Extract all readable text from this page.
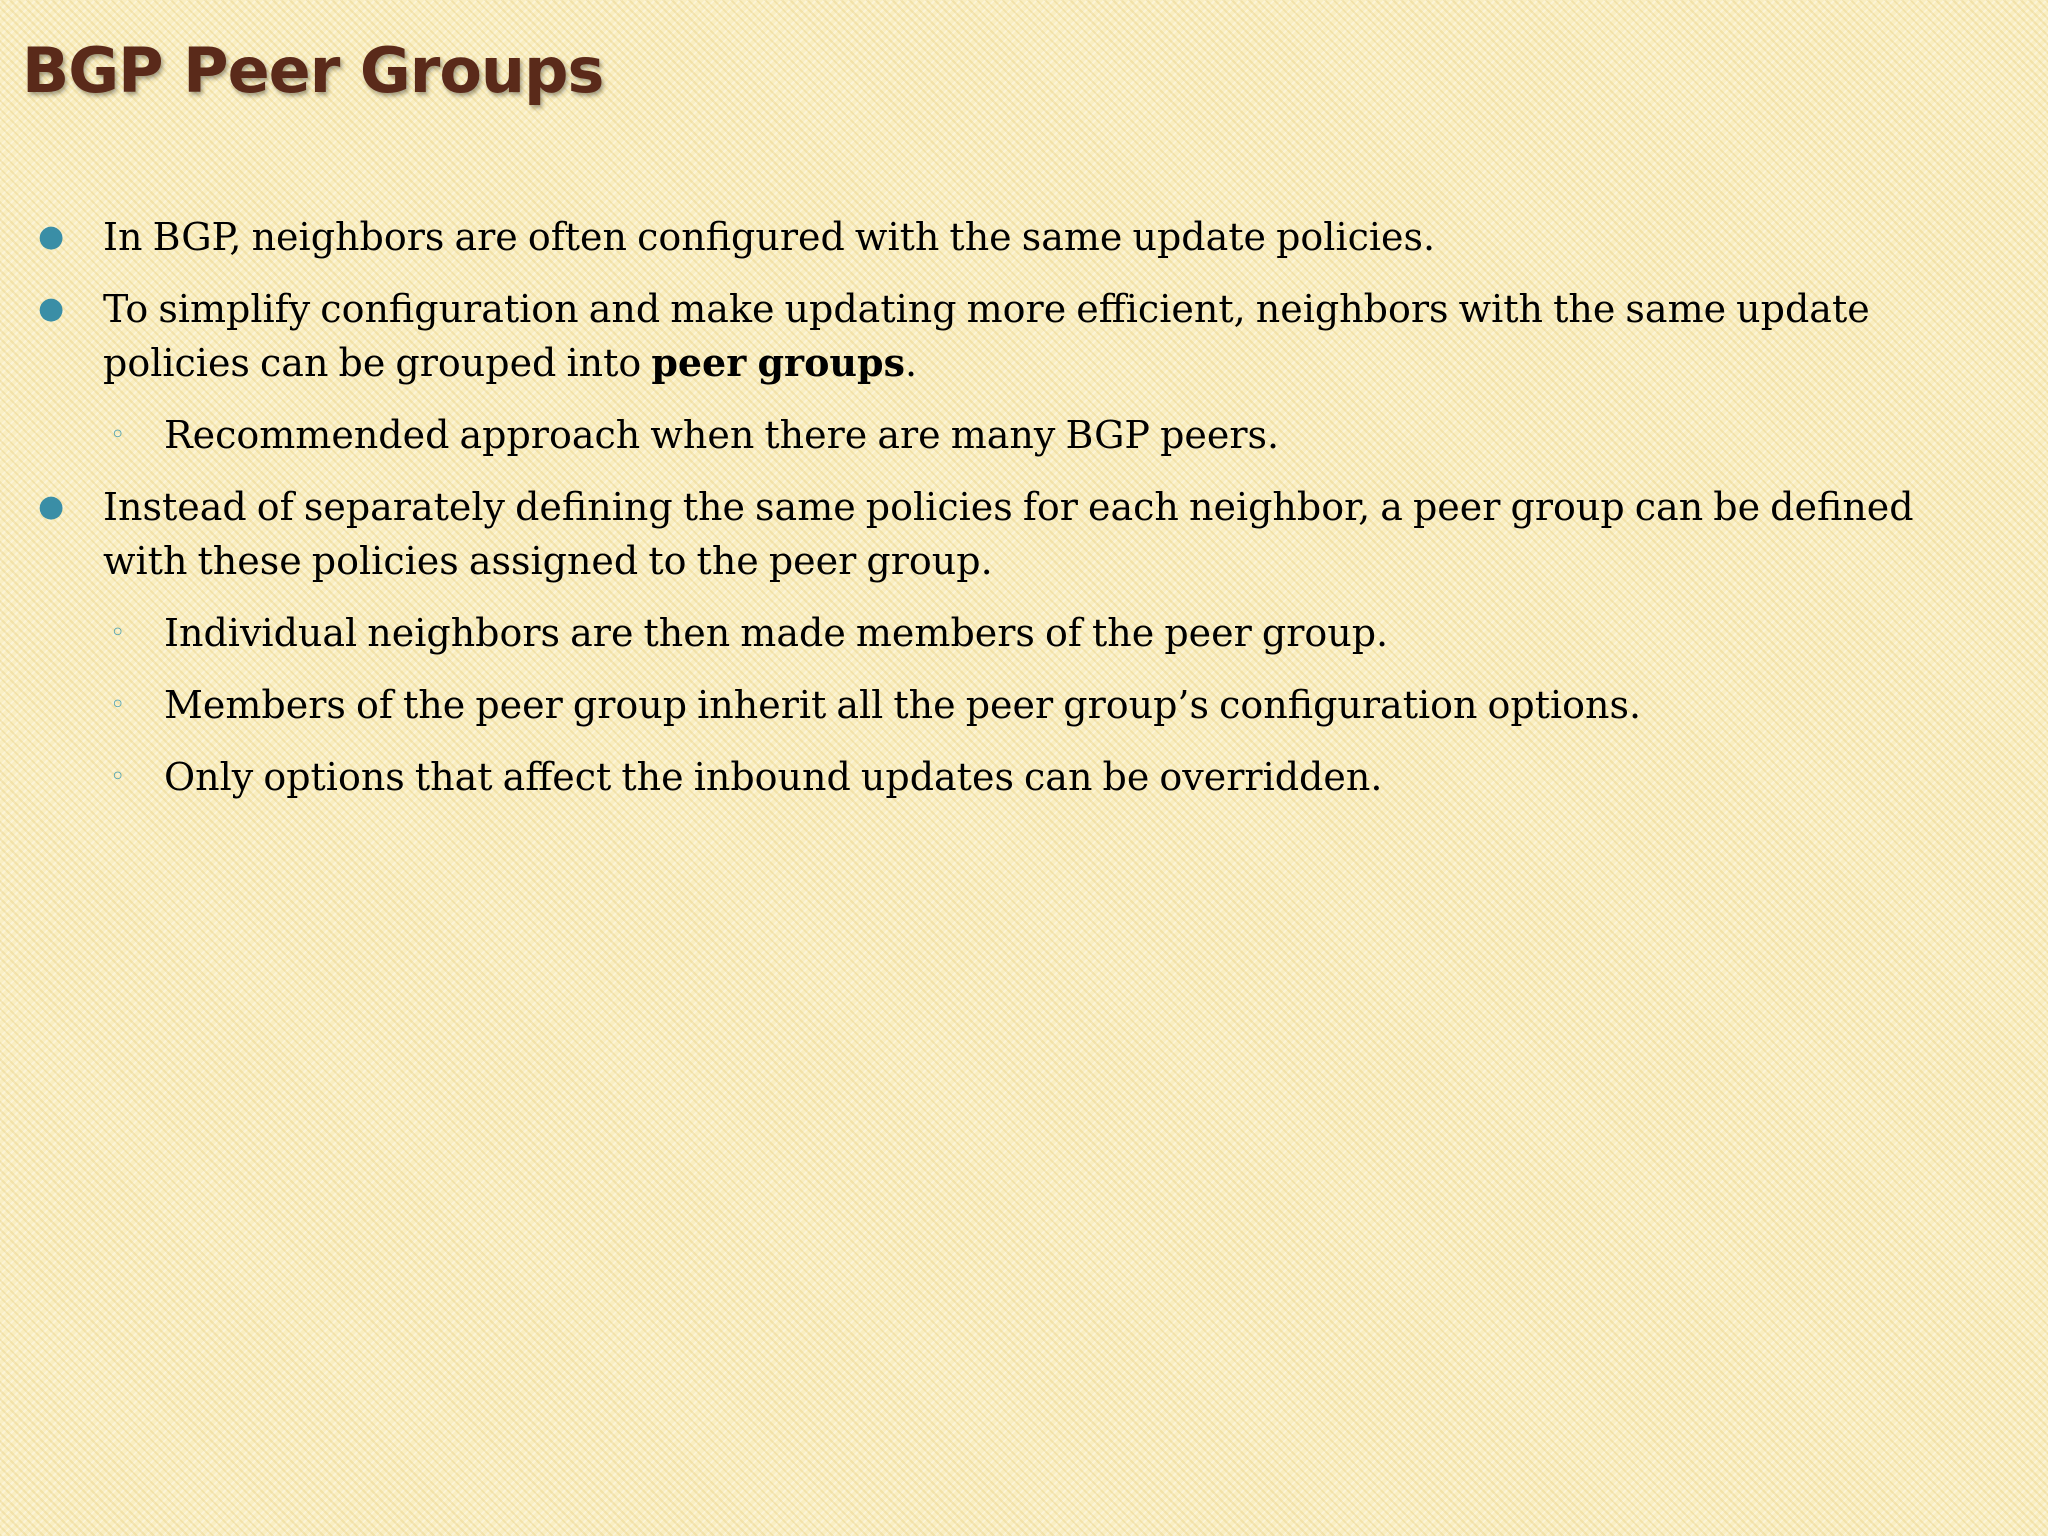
BGP Peer Groups
● In BGP, neighbors are often configured with the same update policies.
● To simplify configuration and make updating more efficient, neighbors with the same update policies can be grouped into peer groups.
◦ Recommended approach when there are many BGP peers.
● Instead of separately defining the same policies for each neighbor, a peer group can be defined with these policies assigned to the peer group.
◦ Individual neighbors are then made members of the peer group.
◦ Members of the peer group inherit all the peer group’s configuration options.
◦ Only options that affect the inbound updates can be overridden.
